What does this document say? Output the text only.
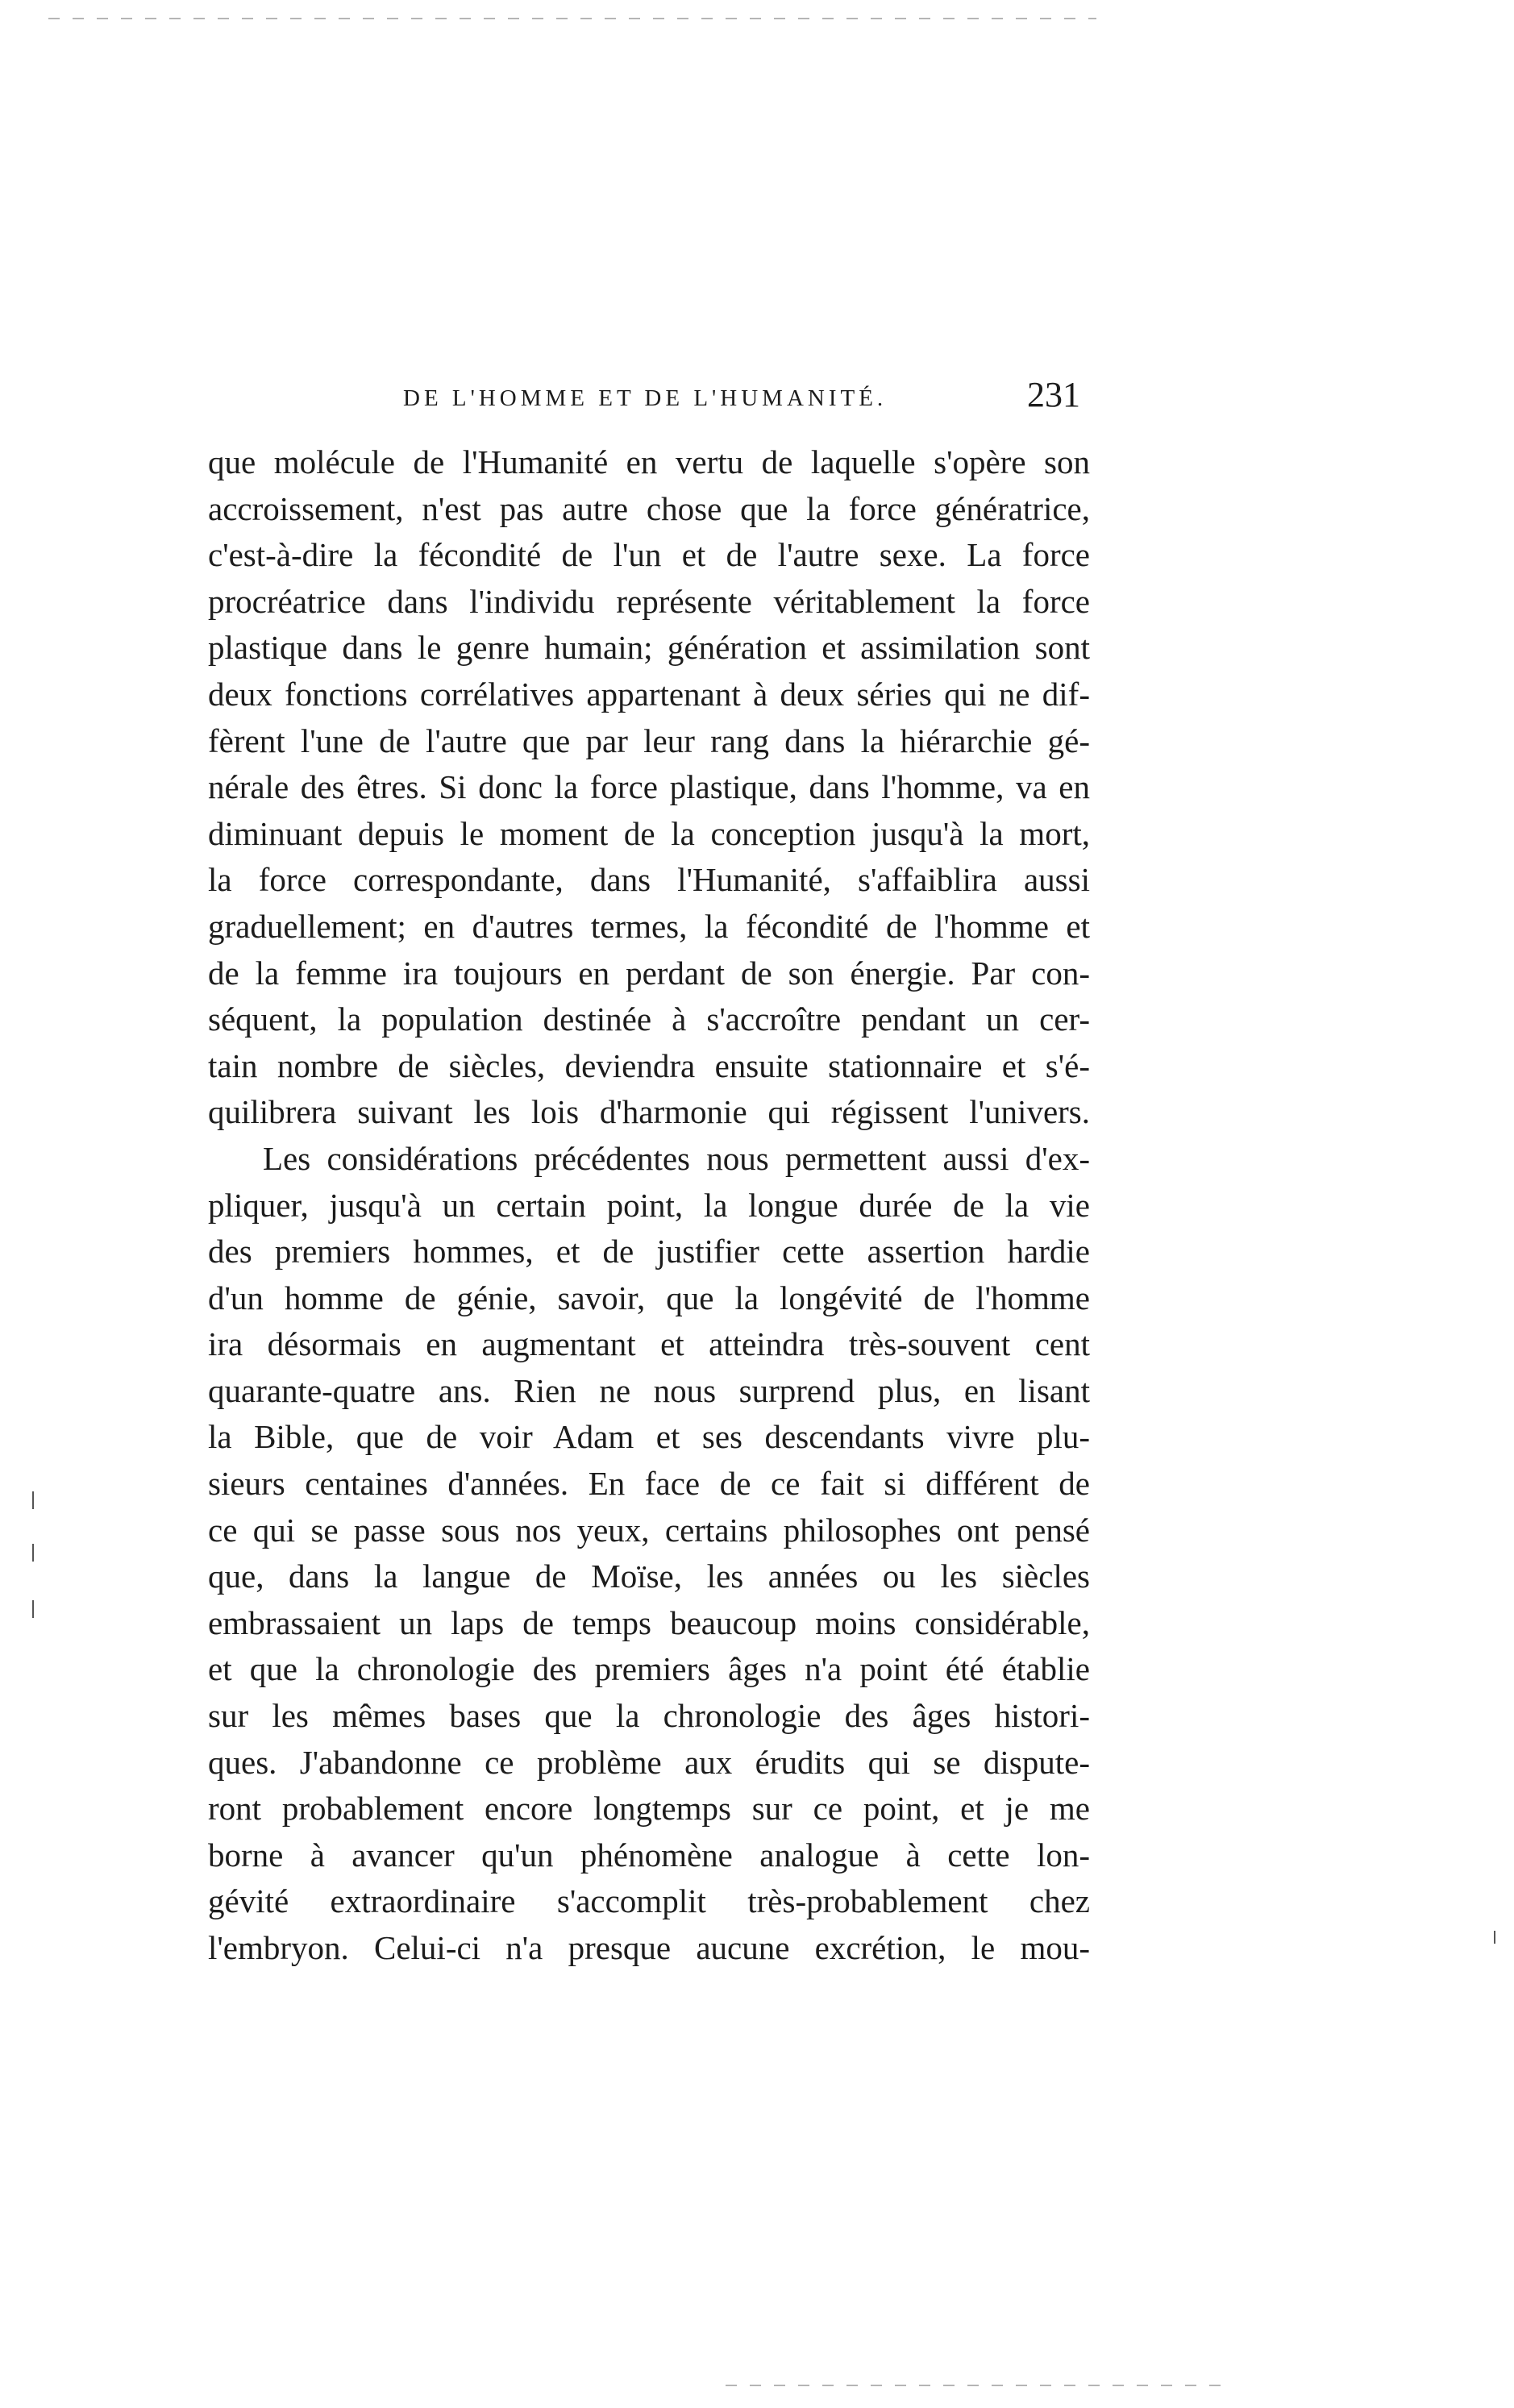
DE L'HOMME ET DE L'HUMANITÉ.	231
que molécule de l'Humanité en vertu de laquelle s'opère son
accroissement, n'est pas autre chose que la force génératrice,
c'est-à-dire la fécondité de l'un et de l'autre sexe. La force
procréatrice dans l'individu représente véritablement la force
plastique dans le genre humain; génération et assimilation sont
deux fonctions corrélatives appartenant à deux séries qui ne dif-
fèrent l'une de l'autre que par leur rang dans la hiérarchie gé-
nérale des êtres. Si donc la force plastique, dans l'homme, va en
diminuant depuis le moment de la conception jusqu'à la mort,
la force correspondante, dans l'Humanité, s'affaiblira aussi
graduellement; en d'autres termes, la fécondité de l'homme et
de la femme ira toujours en perdant de son énergie. Par con-
séquent, la population destinée à s'accroître pendant un cer-
tain nombre de siècles, deviendra ensuite stationnaire et s'é-
quilibrera suivant les lois d'harmonie qui régissent l'univers.
Les considérations précédentes nous permettent aussi d'ex-
pliquer, jusqu'à un certain point, la longue durée de la vie
des premiers hommes, et de justifier cette assertion hardie
d'un homme de génie, savoir, que la longévité de l'homme
ira désormais en augmentant et atteindra très-souvent cent
quarante-quatre ans. Rien ne nous surprend plus, en lisant
la Bible, que de voir Adam et ses descendants vivre plu-
sieurs centaines d'années. En face de ce fait si différent de
ce qui se passe sous nos yeux, certains philosophes ont pensé
que, dans la langue de Moïse, les années ou les siècles
embrassaient un laps de temps beaucoup moins considérable,
et que la chronologie des premiers âges n'a point été établie
sur les mêmes bases que la chronologie des âges histori-
ques. J'abandonne ce problème aux érudits qui se dispute-
ront probablement encore longtemps sur ce point, et je me
borne à avancer qu'un phénomène analogue à cette lon-
gévité extraordinaire s'accomplit très-probablement chez
l'embryon. Celui-ci n'a presque aucune excrétion, le mou-
